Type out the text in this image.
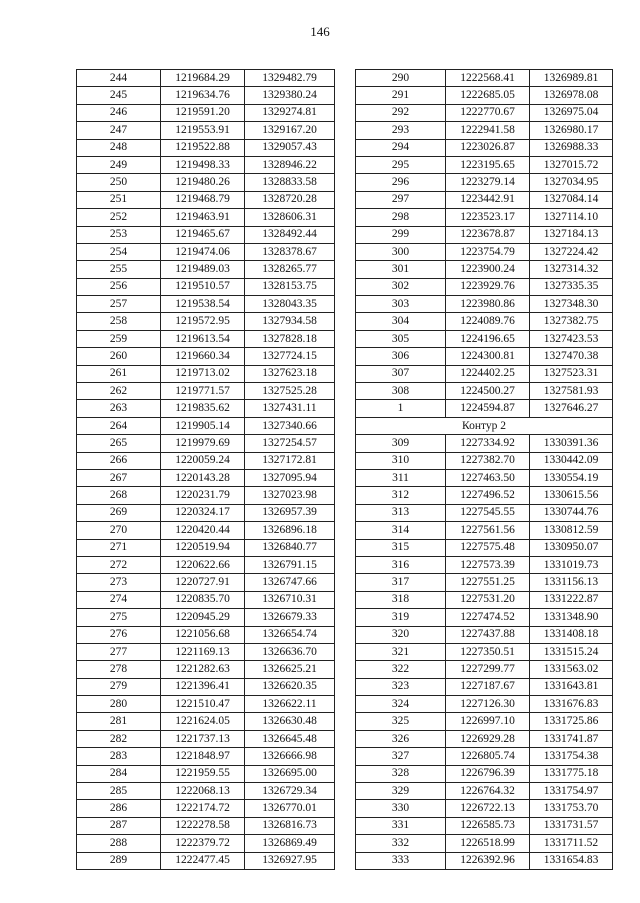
146
244	1219684.29	1329482.79
245	1219634.76	1329380.24
246	1219591.20	1329274.81
247	1219553.91	1329167.20
248	1219522.88	1329057.43
249	1219498.33	1328946.22
250	1219480.26	1328833.58
251	1219468.79	1328720.28
252	1219463.91	1328606.31
253	1219465.67	1328492.44
254	1219474.06	1328378.67
255	1219489.03	1328265.77
256	1219510.57	1328153.75
257	1219538.54	1328043.35
258	1219572.95	1327934.58
259	1219613.54	1327828.18
260	1219660.34	1327724.15
261	1219713.02	1327623.18
262	1219771.57	1327525.28
263	1219835.62	1327431.11
264	1219905.14	1327340.66
265	1219979.69	1327254.57
266	1220059.24	1327172.81
267	1220143.28	1327095.94
268	1220231.79	1327023.98
269	1220324.17	1326957.39
270	1220420.44	1326896.18
271	1220519.94	1326840.77
272	1220622.66	1326791.15
273	1220727.91	1326747.66
274	1220835.70	1326710.31
275	1220945.29	1326679.33
276	1221056.68	1326654.74
277	1221169.13	1326636.70
278	1221282.63	1326625.21
279	1221396.41	1326620.35
280	1221510.47	1326622.11
281	1221624.05	1326630.48
282	1221737.13	1326645.48
283	1221848.97	1326666.98
284	1221959.55	1326695.00
285	1222068.13	1326729.34
286	1222174.72	1326770.01
287	1222278.58	1326816.73
288	1222379.72	1326869.49
289	1222477.45	1326927.95
290	1222568.41	1326989.81
291	1222685.05	1326978.08
292	1222770.67	1326975.04
293	1222941.58	1326980.17
294	1223026.87	1326988.33
295	1223195.65	1327015.72
296	1223279.14	1327034.95
297	1223442.91	1327084.14
298	1223523.17	1327114.10
299	1223678.87	1327184.13
300	1223754.79	1327224.42
301	1223900.24	1327314.32
302	1223929.76	1327335.35
303	1223980.86	1327348.30
304	1224089.76	1327382.75
305	1224196.65	1327423.53
306	1224300.81	1327470.38
307	1224402.25	1327523.31
308	1224500.27	1327581.93
1	1224594.87	1327646.27
Контур 2		
309	1227334.92	1330391.36
310	1227382.70	1330442.09
311	1227463.50	1330554.19
312	1227496.52	1330615.56
313	1227545.55	1330744.76
314	1227561.56	1330812.59
315	1227575.48	1330950.07
316	1227573.39	1331019.73
317	1227551.25	1331156.13
318	1227531.20	1331222.87
319	1227474.52	1331348.90
320	1227437.88	1331408.18
321	1227350.51	1331515.24
322	1227299.77	1331563.02
323	1227187.67	1331643.81
324	1227126.30	1331676.83
325	1226997.10	1331725.86
326	1226929.28	1331741.87
327	1226805.74	1331754.38
328	1226796.39	1331775.18
329	1226764.32	1331754.97
330	1226722.13	1331753.70
331	1226585.73	1331731.57
332	1226518.99	1331711.52
333	1226392.96	1331654.83
